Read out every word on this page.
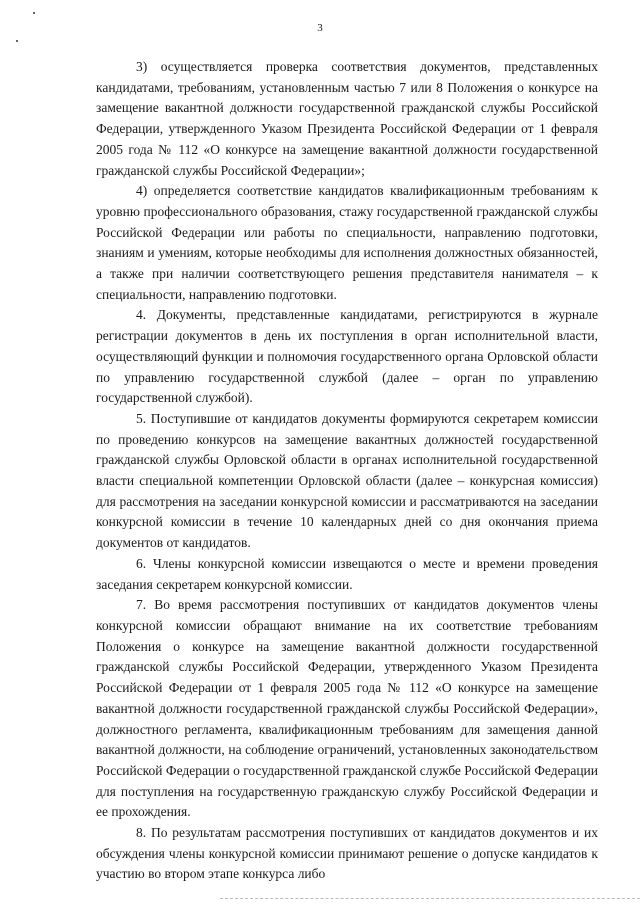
3

3) осуществляется проверка соответствия документов, представленных кандидатами, требованиям, установленным частью 7 или 8 Положения о конкурсе на замещение вакантной должности государственной гражданской службы Российской Федерации, утвержденного Указом Президента Российской Федерации от 1 февраля 2005 года № 112 «О конкурсе на замещение вакантной должности государственной гражданской службы Российской Федерации»;

4) определяется соответствие кандидатов квалификационным требованиям к уровню профессионального образования, стажу государственной гражданской службы Российской Федерации или работы по специальности, направлению подготовки, знаниям и умениям, которые необходимы для исполнения должностных обязанностей, а также при наличии соответствующего решения представителя нанимателя – к специальности, направлению подготовки.

4. Документы, представленные кандидатами, регистрируются в журнале регистрации документов в день их поступления в орган исполнительной власти, осуществляющий функции и полномочия государственного органа Орловской области по управлению государственной службой (далее – орган по управлению государственной службой).

5. Поступившие от кандидатов документы формируются секретарем комиссии по проведению конкурсов на замещение вакантных должностей государственной гражданской службы Орловской области в органах исполнительной государственной власти специальной компетенции Орловской области (далее – конкурсная комиссия) для рассмотрения на заседании конкурсной комиссии и рассматриваются на заседании конкурсной комиссии в течение 10 календарных дней со дня окончания приема документов от кандидатов.

6. Члены конкурсной комиссии извещаются о месте и времени проведения заседания секретарем конкурсной комиссии.

7. Во время рассмотрения поступивших от кандидатов документов члены конкурсной комиссии обращают внимание на их соответствие требованиям Положения о конкурсе на замещение вакантной должности государственной гражданской службы Российской Федерации, утвержденного Указом Президента Российской Федерации от 1 февраля 2005 года № 112 «О конкурсе на замещение вакантной должности государственной гражданской службы Российской Федерации», должностного регламента, квалификационным требованиям для замещения данной вакантной должности, на соблюдение ограничений, установленных законодательством Российской Федерации о государственной гражданской службе Российской Федерации для поступления на государственную гражданскую службу Российской Федерации и ее прохождения.

8. По результатам рассмотрения поступивших от кандидатов документов и их обсуждения члены конкурсной комиссии принимают решение о допуске кандидатов к участию во втором этапе конкурса либо
